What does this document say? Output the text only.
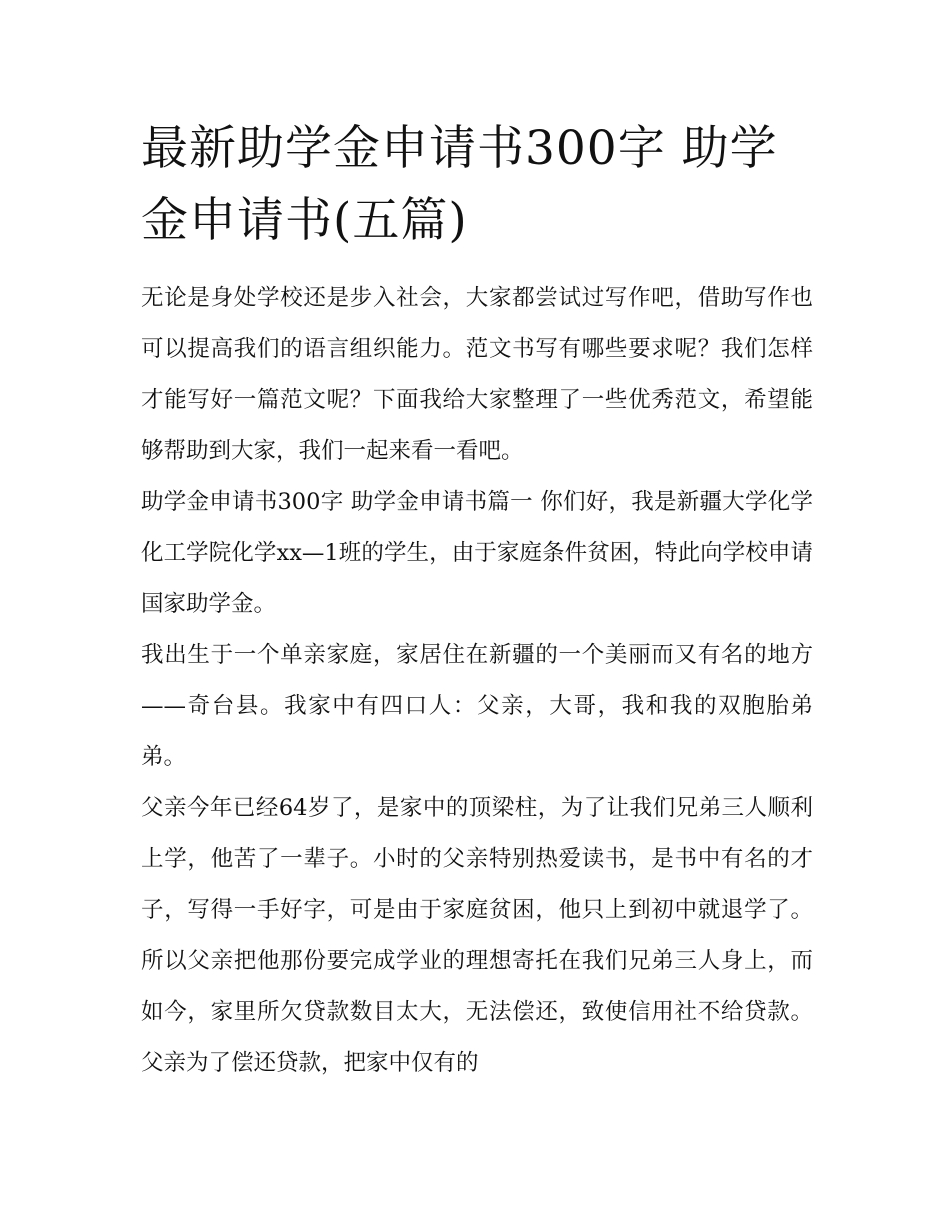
最新助学金申请书300字 助学金申请书(五篇)

无论是身处学校还是步入社会，大家都尝试过写作吧，借助写作也可以提高我们的语言组织能力。范文书写有哪些要求呢？我们怎样才能写好一篇范文呢？下面我给大家整理了一些优秀范文，希望能够帮助到大家，我们一起来看一看吧。

助学金申请书300字 助学金申请书篇一 你们好，我是新疆大学化学化工学院化学xx—1班的学生，由于家庭条件贫困，特此向学校申请国家助学金。

我出生于一个单亲家庭，家居住在新疆的一个美丽而又有名的地方——奇台县。我家中有四口人：父亲，大哥，我和我的双胞胎弟弟。

父亲今年已经64岁了，是家中的顶梁柱，为了让我们兄弟三人顺利上学，他苦了一辈子。小时的父亲特别热爱读书，是书中有名的才子，写得一手好字，可是由于家庭贫困，他只上到初中就退学了。所以父亲把他那份要完成学业的理想寄托在我们兄弟三人身上，而如今，家里所欠贷款数目太大，无法偿还，致使信用社不给贷款。父亲为了偿还贷款，把家中仅有的
